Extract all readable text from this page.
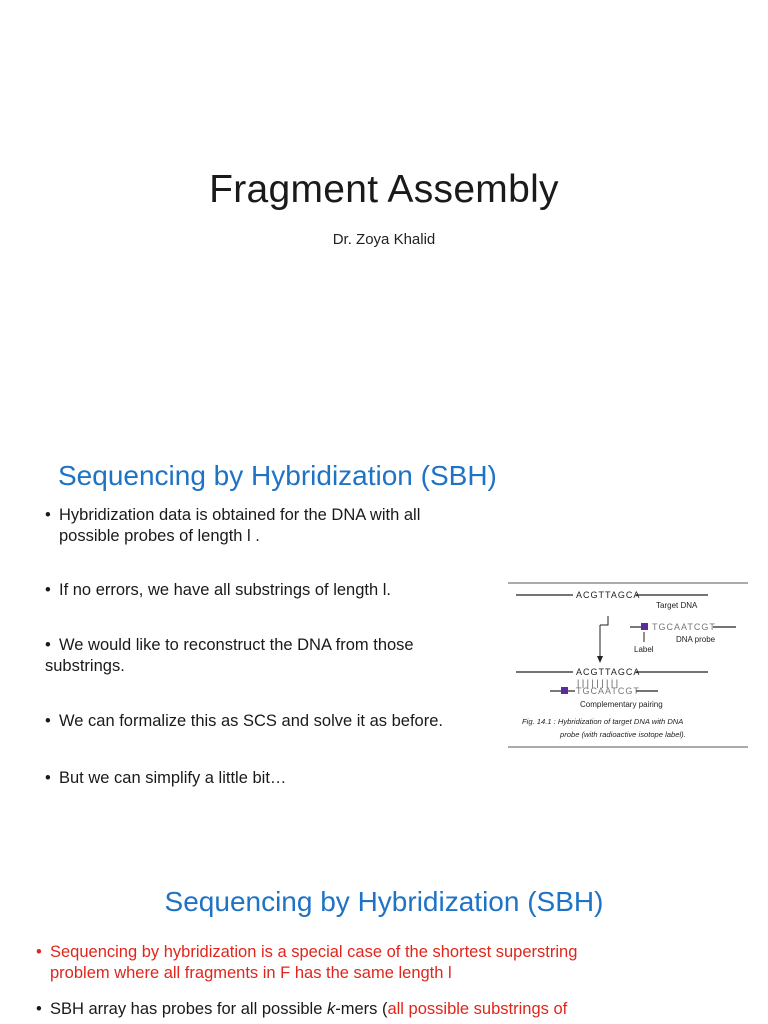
Fragment Assembly
Dr. Zoya Khalid
Sequencing by Hybridization (SBH)
• Hybridization data is obtained for the DNA with all
possible probes of length l .
• If no errors, we have all substrings of length l.
• We would like to reconstruct the DNA from those
substrings.
• We can formalize this as SCS and solve it as before.
• But we can simplify a little bit…
ACGTTAGCA
Target DNA
TGCAATCGT
DNA probe
Label
ACGTTAGCA
| | | | | | | | |
TGCAATCGT
Complementary pairing
Fig. 14.1 : Hybridization of target DNA with DNA
probe (with radioactive isotope label).
Sequencing by Hybridization (SBH)
• Sequencing by hybridization is a special case of the shortest superstring
problem where all fragments in F has the same length l
• SBH array has probes for all possible k-mers (all possible substrings of
